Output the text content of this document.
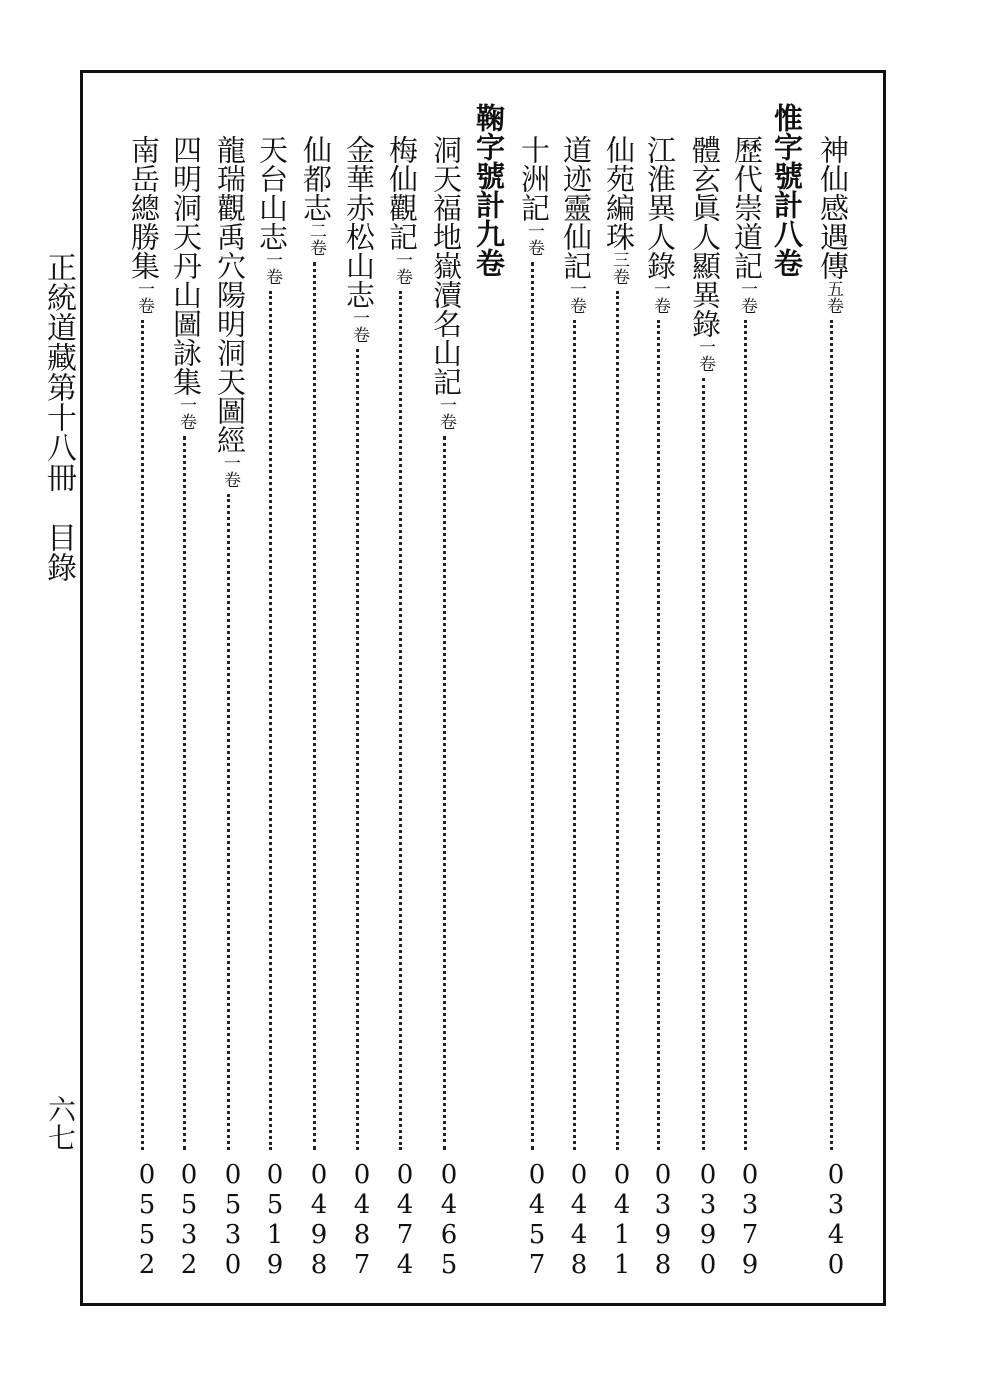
正統道藏第十八冊　目錄
六七
惟字號計八卷 神仙感遇傳五卷
0340
歷代崇道記一卷
0379
體玄眞人顯異錄一卷
0390
江淮異人錄一卷
0398
仙苑編珠三卷
0411
道迹靈仙記一卷
0448
十洲記一卷
0457
鞠字號計九卷
洞天福地嶽瀆名山記一卷
0465
梅仙觀記一卷
0474
金華赤松山志一卷
0487
仙都志二卷
0498
天台山志一卷
0519
龍瑞觀禹穴陽明洞天圖經一卷
0530
四明洞天丹山圖詠集一卷
0532
南岳總勝集一卷
0552
